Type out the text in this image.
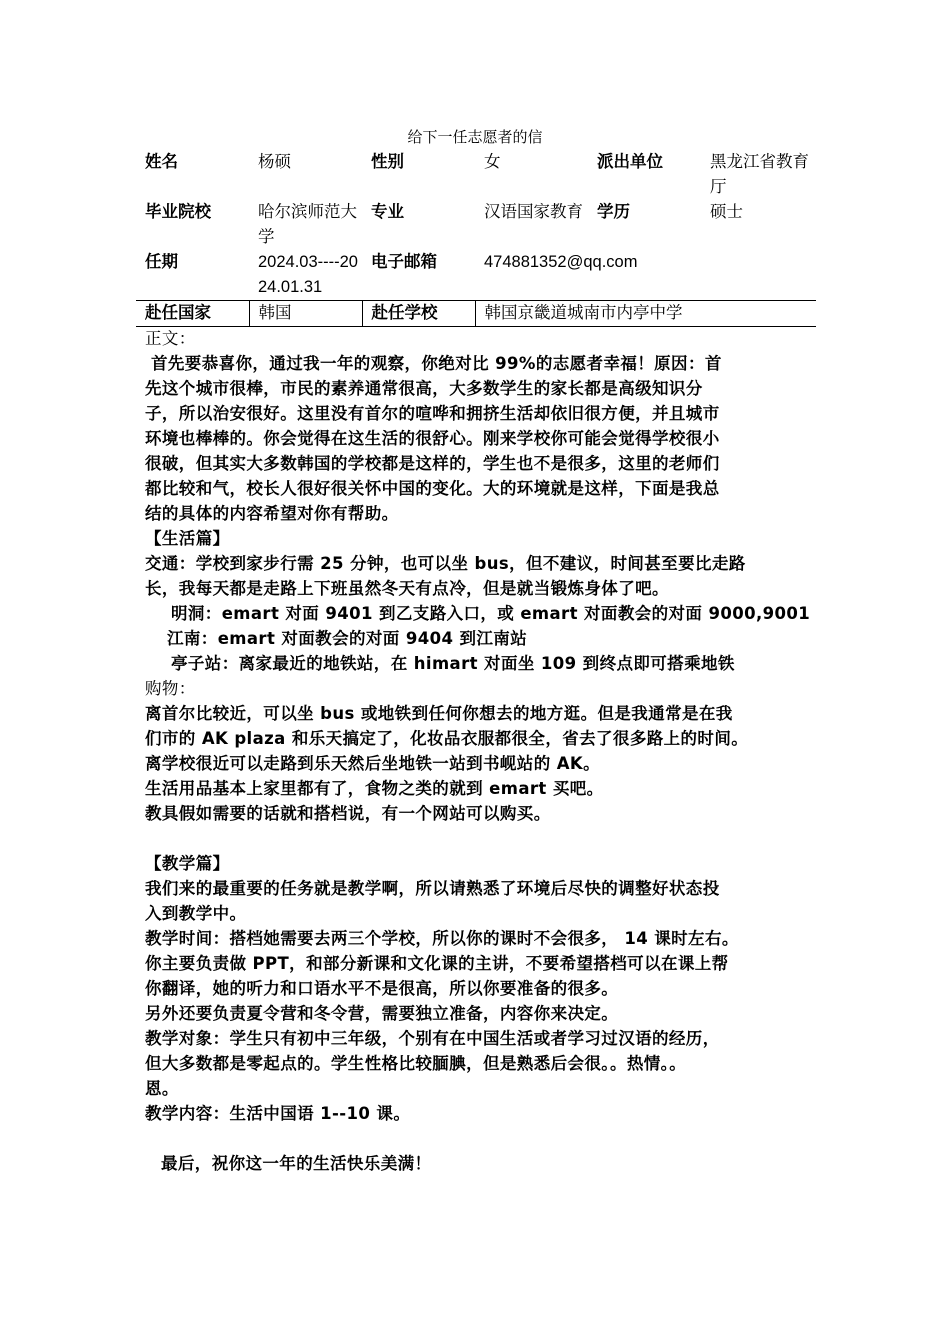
给下一任志愿者的信
姓名	杨硕	性别	女	派出单位	黑龙江省教育厅
毕业院校	哈尔滨师范大学	专业	汉语国家教育	学历	硕士
任期	2024.03----2024.01.31	电子邮箱	474881352@qq.com		
赴任国家	韩国	赴任学校	韩国京畿道城南市内亭中学		
正文：
首先要恭喜你，通过我一年的观察，你绝对比 99%的志愿者幸福！原因：首
先这个城市很棒，市民的素养通常很高，大多数学生的家长都是高级知识分
子，所以治安很好。这里没有首尔的喧哗和拥挤生活却依旧很方便，并且城市
环境也棒棒的。你会觉得在这生活的很舒心。刚来学校你可能会觉得学校很小
很破，但其实大多数韩国的学校都是这样的，学生也不是很多，这里的老师们
都比较和气，校长人很好很关怀中国的变化。大的环境就是这样，下面是我总
结的具体的内容希望对你有帮助。
【生活篇】
交通：学校到家步行需 25 分钟，也可以坐 bus，但不建议，时间甚至要比走路
长，我每天都是走路上下班虽然冬天有点冷，但是就当锻炼身体了吧。
明洞：emart 对面 9401 到乙支路入口，或 emart 对面教会的对面 9000,9001
江南：emart 对面教会的对面 9404 到江南站
亭子站：离家最近的地铁站，在 himart 对面坐 109 到终点即可搭乘地铁
购物：
离首尔比较近，可以坐 bus 或地铁到任何你想去的地方逛。但是我通常是在我
们市的 AK plaza 和乐天搞定了，化妆品衣服都很全，省去了很多路上的时间。
离学校很近可以走路到乐天然后坐地铁一站到书岘站的 AK。
生活用品基本上家里都有了，食物之类的就到 emart 买吧。
教具假如需要的话就和搭档说，有一个网站可以购买。
【教学篇】
我们来的最重要的任务就是教学啊，所以请熟悉了环境后尽快的调整好状态投
入到教学中。
教学时间：搭档她需要去两三个学校，所以你的课时不会很多， 14 课时左右。
你主要负责做 PPT，和部分新课和文化课的主讲，不要希望搭档可以在课上帮
你翻译，她的听力和口语水平不是很高，所以你要准备的很多。
另外还要负责夏令营和冬令营，需要独立准备，内容你来决定。
教学对象：学生只有初中三年级，个别有在中国生活或者学习过汉语的经历，
但大多数都是零起点的。学生性格比较腼腆，但是熟悉后会很。。热情。。
恩。
教学内容：生活中国语 1--10 课。
最后，祝你这一年的生活快乐美满！
